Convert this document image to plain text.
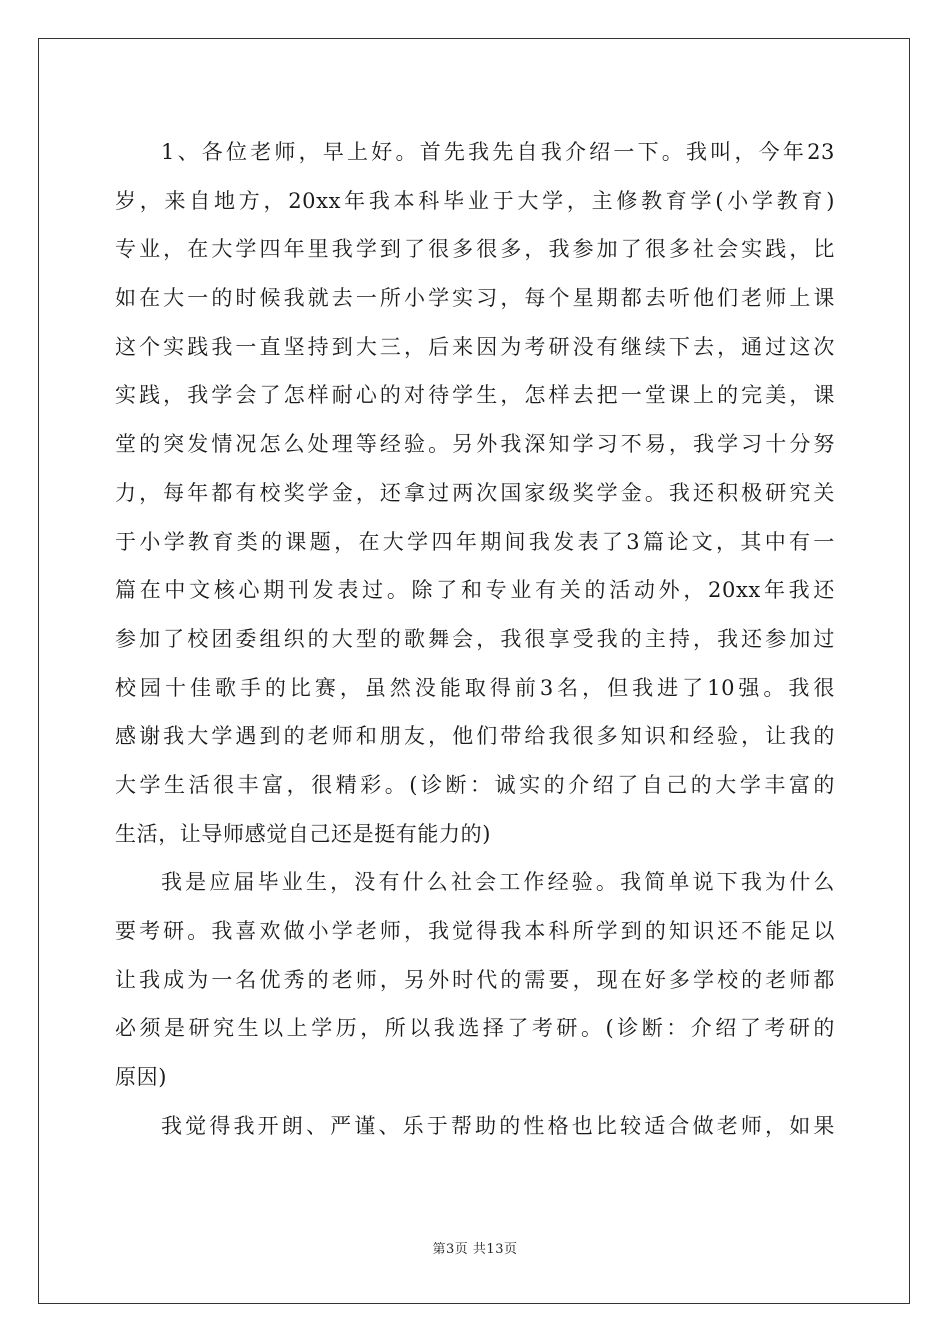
1、各位老师，早上好。首先我先自我介绍一下。我叫，今年23
岁，来自地方，20xx年我本科毕业于大学，主修教育学(小学教育)
专业，在大学四年里我学到了很多很多，我参加了很多社会实践，比
如在大一的时候我就去一所小学实习，每个星期都去听他们老师上课
这个实践我一直坚持到大三，后来因为考研没有继续下去，通过这次
实践，我学会了怎样耐心的对待学生，怎样去把一堂课上的完美，课
堂的突发情况怎么处理等经验。另外我深知学习不易，我学习十分努
力，每年都有校奖学金，还拿过两次国家级奖学金。我还积极研究关
于小学教育类的课题，在大学四年期间我发表了3篇论文，其中有一
篇在中文核心期刊发表过。除了和专业有关的活动外，20xx年我还
参加了校团委组织的大型的歌舞会，我很享受我的主持，我还参加过
校园十佳歌手的比赛，虽然没能取得前3名，但我进了10强。我很
感谢我大学遇到的老师和朋友，他们带给我很多知识和经验，让我的
大学生活很丰富，很精彩。(诊断：诚实的介绍了自己的大学丰富的
生活，让导师感觉自己还是挺有能力的)
我是应届毕业生，没有什么社会工作经验。我简单说下我为什么
要考研。我喜欢做小学老师，我觉得我本科所学到的知识还不能足以
让我成为一名优秀的老师，另外时代的需要，现在好多学校的老师都
必须是研究生以上学历，所以我选择了考研。(诊断：介绍了考研的
原因)
我觉得我开朗、严谨、乐于帮助的性格也比较适合做老师，如果
第3页 共13页
